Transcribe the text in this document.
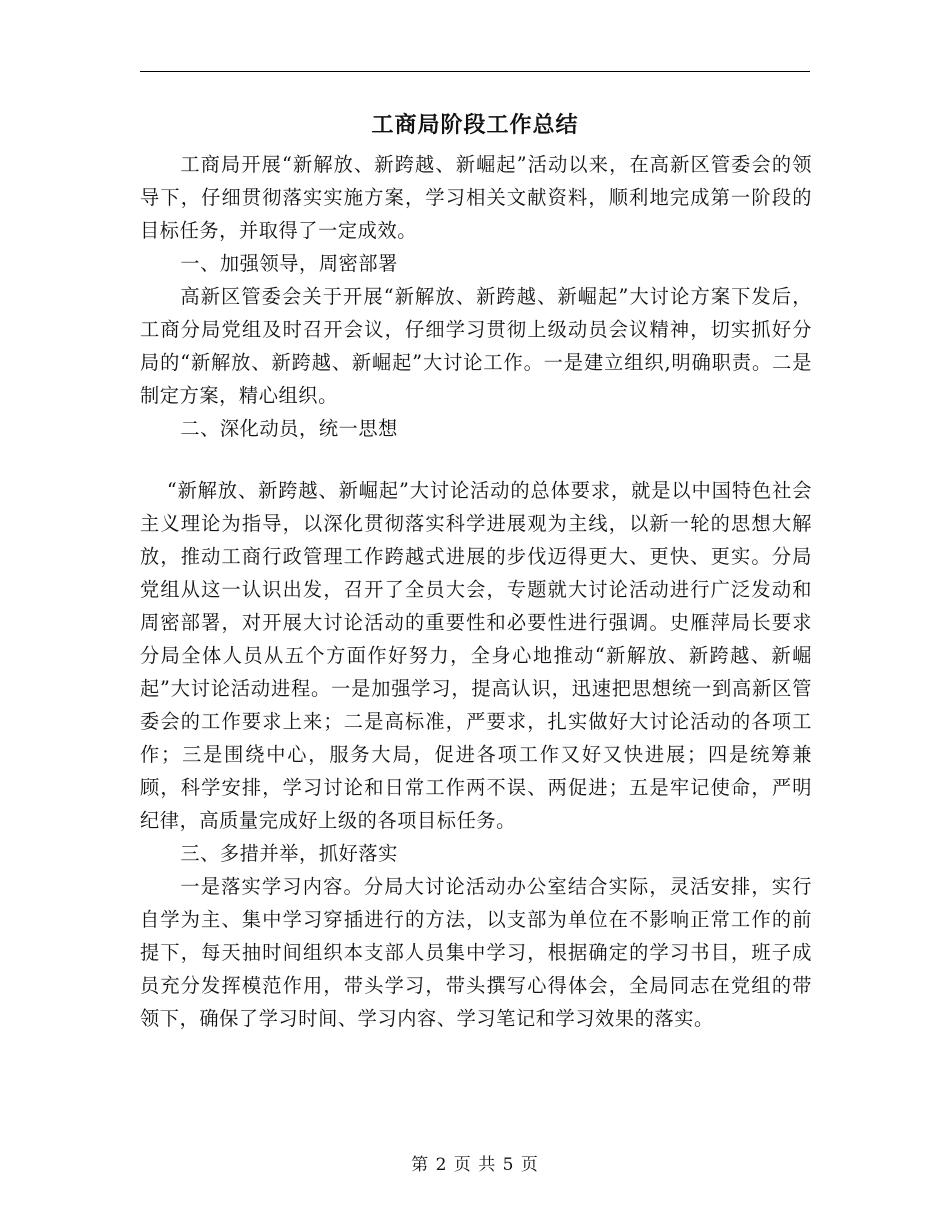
工商局阶段工作总结

工商局开展“新解放、新跨越、新崛起”活动以来，在高新区管委会的领导下，仔细贯彻落实实施方案，学习相关文献资料，顺利地完成第一阶段的目标任务，并取得了一定成效。

一、加强领导，周密部署

高新区管委会关于开展“新解放、新跨越、新崛起”大讨论方案下发后，工商分局党组及时召开会议，仔细学习贯彻上级动员会议精神，切实抓好分局的“新解放、新跨越、新崛起”大讨论工作。一是建立组织,明确职责。二是制定方案，精心组织。

二、深化动员，统一思想

“新解放、新跨越、新崛起”大讨论活动的总体要求，就是以中国特色社会主义理论为指导，以深化贯彻落实科学进展观为主线，以新一轮的思想大解放，推动工商行政管理工作跨越式进展的步伐迈得更大、更快、更实。分局党组从这一认识出发，召开了全员大会，专题就大讨论活动进行广泛发动和周密部署，对开展大讨论活动的重要性和必要性进行强调。史雁萍局长要求分局全体人员从五个方面作好努力，全身心地推动“新解放、新跨越、新崛起”大讨论活动进程。一是加强学习，提高认识，迅速把思想统一到高新区管委会的工作要求上来；二是高标准，严要求，扎实做好大讨论活动的各项工作；三是围绕中心，服务大局，促进各项工作又好又快进展；四是统筹兼顾，科学安排，学习讨论和日常工作两不误、两促进；五是牢记使命，严明纪律，高质量完成好上级的各项目标任务。

三、多措并举，抓好落实

一是落实学习内容。分局大讨论活动办公室结合实际，灵活安排，实行自学为主、集中学习穿插进行的方法，以支部为单位在不影响正常工作的前提下，每天抽时间组织本支部人员集中学习，根据确定的学习书目，班子成员充分发挥模范作用，带头学习，带头撰写心得体会，全局同志在党组的带领下，确保了学习时间、学习内容、学习笔记和学习效果的落实。

第 2 页 共 5 页
